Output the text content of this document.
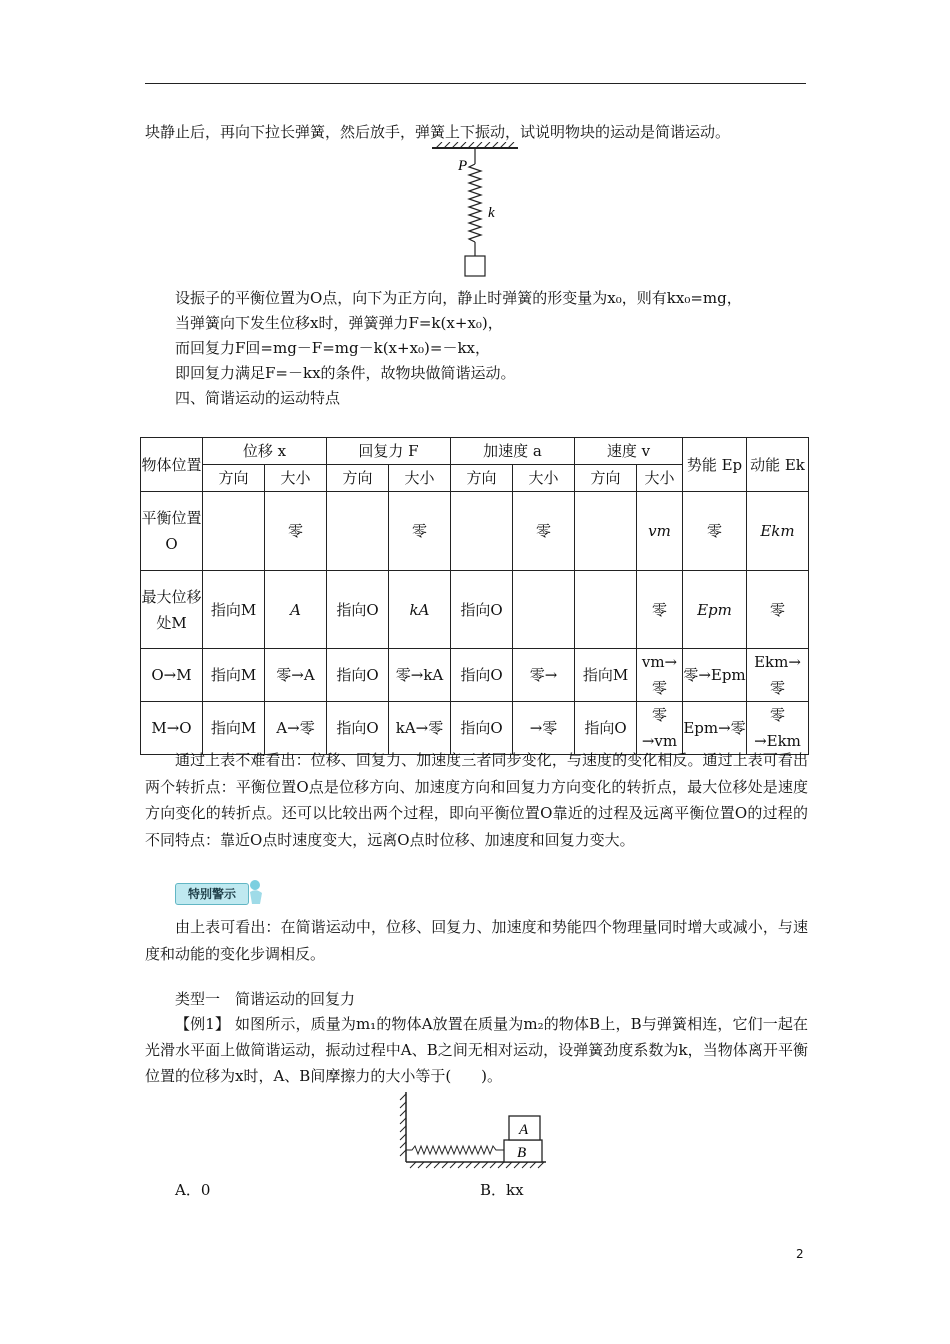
块静止后，再向下拉长弹簧，然后放手，弹簧上下振动，试说明物块的运动是简谐运动。
P
k
设振子的平衡位置为O点，向下为正方向，静止时弹簧的形变量为x₀，则有kx₀=mg，
当弹簧向下发生位移x时，弹簧弹力F=k(x+x₀)，
而回复力F回=mg－F=mg－k(x+x₀)=－kx，
即回复力满足F=－kx的条件，故物块做简谐运动。
四、简谐运动的运动特点
物体位置	位移 x		回复力 F		加速度 a		速度 v		势能 Ep	动能 Ek
	方向	大小	方向	大小	方向	大小	方向	大小		
平衡位置O		零		零		零		vm	零	Ekm
最大位移处M	指向M	A	指向O	kA	指向O			零	Epm	零
O→M	指向M	零→A	指向O	零→kA	指向O	零→	指向M	vm→零	零→Epm	Ekm→零
M→O	指向M	A→零	指向O	kA→零	指向O	→零	指向O	零→vm	Epm→零	零→Ekm
通过上表不难看出：位移、回复力、加速度三者同步变化，与速度的变化相反。通过上表可看出两个转折点：平衡位置O点是位移方向、加速度方向和回复力方向变化的转折点，最大位移处是速度方向变化的转折点。还可以比较出两个过程，即向平衡位置O靠近的过程及远离平衡位置O的过程的不同特点：靠近O点时速度变大，远离O点时位移、加速度和回复力变大。
特别警示
由上表可看出：在简谐运动中，位移、回复力、加速度和势能四个物理量同时增大或减小，与速度和动能的变化步调相反。
类型一　简谐运动的回复力
【例1】 如图所示，质量为m₁的物体A放置在质量为m₂的物体B上，B与弹簧相连，它们一起在光滑水平面上做简谐运动，振动过程中A、B之间无相对运动，设弹簧劲度系数为k，当物体离开平衡位置的位移为x时，A、B间摩擦力的大小等于(　　)。
A
B
A．0	B．kx
2
